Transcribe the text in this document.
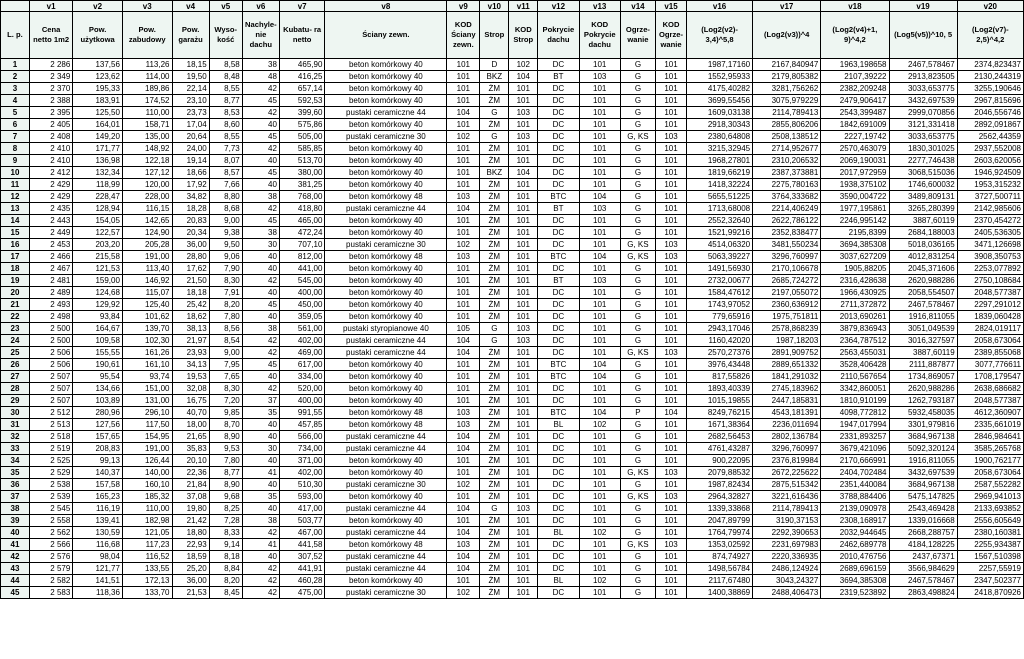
	v1	v2	v3	v4	v5	v6	v7	v8	v9	v10	v11	v12	v13	v14	v15	v16	v17	v18	v19	v20
L. p.	Cena netto 1m2	Pow. użytkowa	Pow. zabudowy	Pow. garażu	Wyso- kość	Nachyle- nie dachu	Kubatu- ra netto	Ściany zewn.	KOD Ściany zewn.	Strop	KOD Strop	Pokrycie dachu	KOD Pokrycie dachu	Ogrze- wanie	KOD Ogrze- wanie	(Log2(v2)- 3,4)^5,8	(Log2(v3))^4	(Log2(v4)+1, 9)^4,2	(Log5(v5))^10, 5	(Log2(v7)- 2,5)^4,2
1	2 286	137,56	113,26	18,15	8,58	38	465,90	beton komórkowy 40	101	D	102	DC	101	G	101	1987,17160	2167,840947	1963,198658	2467,578467	2374,823437
2	2 349	123,62	114,00	19,50	8,48	48	416,25	beton komórkowy 40	101	BKZ	104	BT	103	G	101	1552,95933	2179,805382	2107,39222	2913,823505	2130,244319
3	2 370	195,33	189,86	22,14	8,55	42	657,14	beton komórkowy 40	101	ŻM	101	DC	101	G	101	4175,40282	3281,756262	2382,209248	3033,653775	3255,190646
4	2 388	183,91	174,52	23,10	8,77	45	592,53	beton komórkowy 40	101	ŻM	101	DC	101	G	101	3699,55456	3075,979229	2479,906417	3432,697539	2967,815696
5	2 395	125,50	110,00	23,73	8,53	42	399,60	pustaki ceramiczne 44	104	G	103	DC	101	G	101	1609,03138	2114,789413	2543,399487	2999,070856	2046,556746
6	2 405	164,01	158,71	17,04	8,60	40	575,86	beton komórkowy 40	101	ŻM	101	DC	101	G	101	2918,30343	2855,806206	1842,691009	3121,331418	2892,091867
7	2 408	149,20	135,00	20,64	8,55	45	505,00	pustaki ceramiczne 30	102	G	103	DC	101	G, KS	103	2380,64808	2508,138512	2227,19742	3033,653775	2562,44359
8	2 410	171,77	148,92	24,00	7,73	42	585,85	beton komórkowy 40	101	ŻM	101	DC	101	G	101	3215,32945	2714,952677	2570,463079	1830,301025	2937,552008
9	2 410	136,98	122,18	19,14	8,07	40	513,70	beton komórkowy 40	101	ŻM	101	DC	101	G	101	1968,27801	2310,206532	2069,190031	2277,746438	2603,620056
10	2 412	132,34	127,12	18,66	8,57	45	380,00	beton komórkowy 40	101	BKZ	104	DC	101	G	101	1819,66219	2387,373881	2017,972959	3068,515036	1946,924509
11	2 429	118,99	120,00	17,92	7,66	40	381,25	beton komórkowy 40	101	ŻM	101	DC	101	G	101	1418,32224	2275,780163	1938,375102	1746,600032	1953,315232
12	2 429	228,47	228,00	34,82	8,80	38	768,00	beton komórkowy 48	103	ŻM	101	BTC	104	G	101	5655,51225	3764,333682	3590,004722	3489,809131	3727,500711
13	2 435	128,94	116,15	18,28	8,68	42	418,80	pustaki ceramiczne 44	104	ŻM	101	BT	103	G	101	1713,68008	2214,406249	1977,195861	3265,280399	2142,985606
14	2 443	154,05	142,65	20,83	9,00	45	465,00	beton komórkowy 40	101	ŻM	101	DC	101	G	101	2552,32640	2622,786122	2246,995142	3887,60119	2370,454272
15	2 449	122,57	124,90	20,34	9,38	38	472,24	beton komórkowy 40	101	ŻM	101	DC	101	G	101	1521,99216	2352,838477	2195,8399	2684,188003	2405,536305
16	2 453	203,20	205,28	36,00	9,50	30	707,10	pustaki ceramiczne 30	102	ŻM	101	DC	101	G, KS	103	4514,06320	3481,550234	3694,385308	5018,036165	3471,126698
17	2 466	215,58	191,00	28,80	9,06	40	812,00	beton komórkowy 48	103	ŻM	101	BTC	104	G, KS	103	5063,39227	3296,760997	3037,627209	4012,831254	3908,350753
18	2 467	121,53	113,40	17,62	7,90	40	441,00	beton komórkowy 40	101	ŻM	101	DC	101	G	101	1491,56930	2170,106678	1905,88205	2045,371606	2253,077892
19	2 481	159,00	146,92	21,50	8,30	42	545,00	beton komórkowy 40	101	ŻM	101	BT	103	G	101	2732,00677	2685,724272	2316,428638	2620,988286	2750,108684
20	2 489	124,68	115,07	18,18	7,91	40	400,00	beton komórkowy 40	101	ŻM	101	DC	101	G	101	1584,47612	2197,055072	1966,430925	2058,554507	2048,577387
21	2 493	129,92	125,40	25,42	8,20	45	450,00	beton komórkowy 40	101	ŻM	101	DC	101	G	101	1743,97052	2360,636912	2711,372872	2467,578467	2297,291012
22	2 498	93,84	101,62	18,62	7,80	40	359,05	beton komórkowy 40	101	ŻM	101	DC	101	G	101	779,65916	1975,751811	2013,690261	1916,811055	1839,060428
23	2 500	164,67	139,70	38,13	8,56	38	561,00	pustaki styropianowe 40	105	G	103	DC	101	G	101	2943,17046	2578,868239	3879,836943	3051,049539	2824,019117
24	2 500	109,58	102,30	21,97	8,54	42	402,00	pustaki ceramiczne 44	104	G	103	DC	101	G	101	1160,42020	1987,18203	2364,787512	3016,327597	2058,673064
25	2 506	155,55	161,26	23,93	9,00	42	469,00	pustaki ceramiczne 44	104	ŻM	101	DC	101	G, KS	103	2570,27376	2891,909752	2563,455031	3887,60119	2389,855068
26	2 506	190,61	161,10	34,13	7,95	45	617,00	beton komórkowy 40	101	ŻM	101	BTC	104	G	101	3976,43448	2889,651332	3528,406428	2111,887877	3077,776611
27	2 507	95,54	93,74	19,53	7,65	40	334,00	beton komórkowy 40	101	ŻM	101	BTC	104	G	101	817,55826	1841,291032	2110,567654	1734,869057	1708,179547
28	2 507	134,66	151,00	32,08	8,30	42	520,00	beton komórkowy 40	101	ŻM	101	DC	101	G	101	1893,40339	2745,183962	3342,860051	2620,988286	2638,686682
29	2 507	103,89	131,00	16,75	7,20	37	400,00	beton komórkowy 40	101	ŻM	101	DC	101	G	101	1015,19855	2447,185831	1810,910199	1262,793187	2048,577387
30	2 512	280,96	296,10	40,70	9,85	35	991,55	beton komórkowy 48	103	ŻM	101	BTC	104	P	104	8249,76215	4543,181391	4098,772812	5932,458035	4612,360907
31	2 513	127,56	117,50	18,00	8,70	40	457,85	beton komórkowy 48	103	ŻM	101	BL	102	G	101	1671,38364	2236,011694	1947,017994	3301,979816	2335,661019
32	2 518	157,65	154,95	21,65	8,90	40	566,00	pustaki ceramiczne 44	104	ŻM	101	DC	101	G	101	2682,56453	2802,136784	2331,893257	3684,967138	2846,984641
33	2 519	208,83	191,00	35,83	9,53	30	734,00	pustaki ceramiczne 44	104	ŻM	101	DC	101	G	101	4761,43287	3296,760997	3679,421096	5092,320124	3585,265768
34	2 525	99,13	126,44	20,10	7,80	40	371,00	beton komórkowy 40	101	ŻM	101	DC	101	G	101	900,22095	2376,819984	2170,666991	1916,811055	1900,762177
35	2 529	140,37	140,00	22,36	8,77	41	402,00	beton komórkowy 40	101	ŻM	101	DC	101	G, KS	103	2079,88532	2672,225622	2404,702484	3432,697539	2058,673064
36	2 538	157,58	160,10	21,84	8,90	40	510,30	pustaki ceramiczne 30	102	ŻM	101	DC	101	G	101	1987,82434	2875,515342	2351,440084	3684,967138	2587,552282
37	2 539	165,23	185,32	37,08	9,68	35	593,00	beton komórkowy 40	101	ŻM	101	DC	101	G, KS	103	2964,32827	3221,616436	3788,884406	5475,147825	2969,941013
38	2 545	116,19	110,00	19,80	8,25	40	417,00	pustaki ceramiczne 44	104	G	103	DC	101	G	101	1339,33868	2114,789413	2139,090978	2543,469428	2133,693852
39	2 558	139,41	182,98	21,42	7,28	38	503,77	beton komórkowy 40	101	ŻM	101	DC	101	G	101	2047,89799	3190,37153	2308,168917	1339,016668	2556,605649
40	2 562	130,59	121,05	18,80	8,33	42	467,00	pustaki ceramiczne 44	104	ŻM	101	BL	102	G	101	1764,79974	2292,390653	2032,944645	2668,288757	2380,160381
41	2 566	116,68	117,23	22,93	9,14	41	441,58	beton komórkowy 48	103	ŻM	101	DC	101	G, KS	103	1353,02592	2231,697983	2462,689778	4184,128225	2255,934387
42	2 576	98,04	116,52	18,59	8,18	40	307,52	pustaki ceramiczne 44	104	ŻM	101	DC	101	G	101	874,74927	2220,336935	2010,476756	2437,67371	1567,510398
43	2 579	121,77	133,55	25,20	8,84	42	441,91	pustaki ceramiczne 44	104	ŻM	101	DC	101	G	101	1498,56784	2486,124924	2689,696159	3566,984629	2257,55919
44	2 582	141,51	172,13	36,00	8,20	42	460,28	beton komórkowy 40	101	ŻM	101	BL	102	G	101	2117,67480	3043,24327	3694,385308	2467,578467	2347,502377
45	2 583	118,36	133,70	21,53	8,45	42	475,00	pustaki ceramiczne 30	102	ŻM	101	DC	101	G	101	1400,38869	2488,406473	2319,523892	2863,498824	2418,870926
